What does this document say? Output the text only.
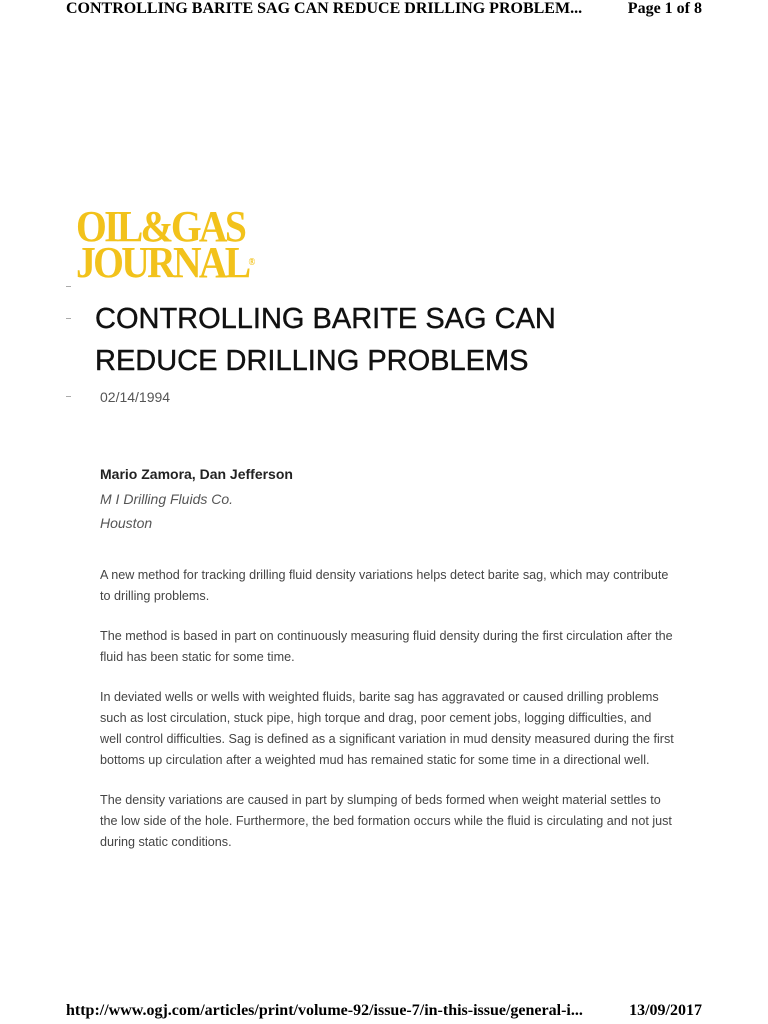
CONTROLLING BARITE SAG CAN REDUCE DRILLING PROBLEM...	Page 1 of 8
OIL&GAS
JOURNAL®
CONTROLLING BARITE SAG CAN REDUCE DRILLING PROBLEMS
02/14/1994
Mario Zamora, Dan Jefferson
M I Drilling Fluids Co.
Houston

A new method for tracking drilling fluid density variations helps detect barite sag, which may contribute to drilling problems.

The method is based in part on continuously measuring fluid density during the first circulation after the fluid has been static for some time.

In deviated wells or wells with weighted fluids, barite sag has aggravated or caused drilling problems such as lost circulation, stuck pipe, high torque and drag, poor cement jobs, logging difficulties, and well control difficulties. Sag is defined as a significant variation in mud density measured during the first bottoms up circulation after a weighted mud has remained static for some time in a directional well.

The density variations are caused in part by slumping of beds formed when weight material settles to the low side of the hole. Furthermore, the bed formation occurs while the fluid is circulating and not just during static conditions.

http://www.ogj.com/articles/print/volume-92/issue-7/in-this-issue/general-i...	13/09/2017
